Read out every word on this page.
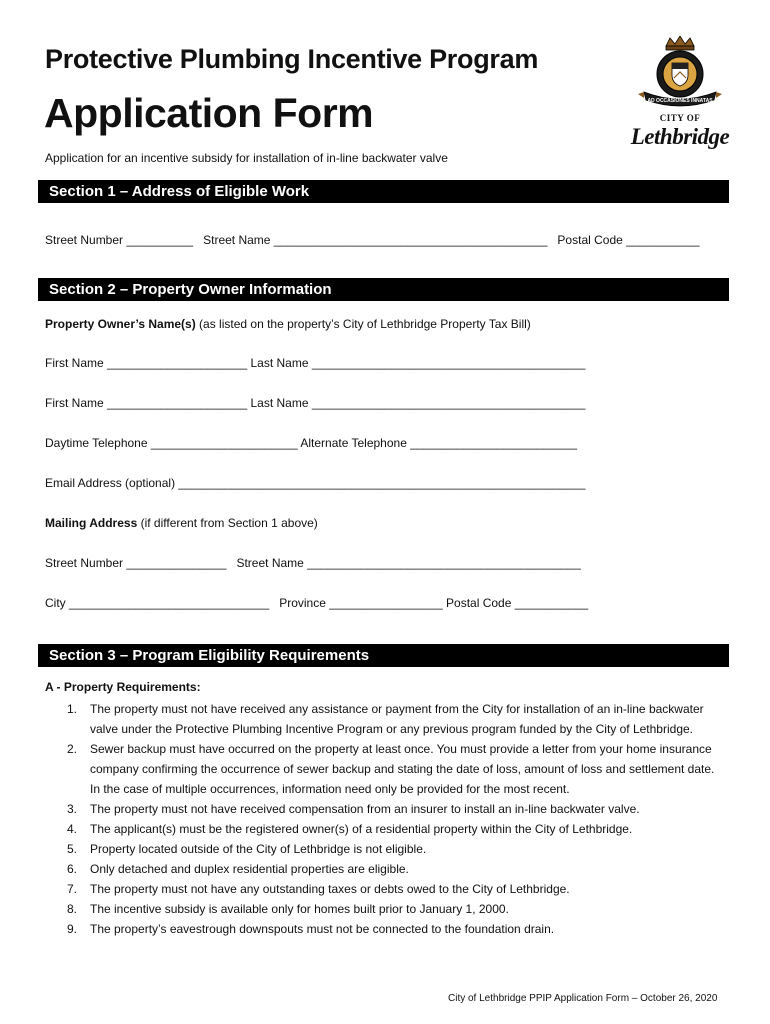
Protective Plumbing Incentive Program
Application Form
Application for an incentive subsidy for installation of in-line backwater valve
AD OCCASIONES INNATAS
CITY OF
Lethbridge
Section 1 – Address of Eligible Work
Street Number __________   Street Name _________________________________________   Postal Code ___________
Section 2 – Property Owner Information
Property Owner’s Name(s) (as listed on the property’s City of Lethbridge Property Tax Bill)
First Name _____________________ Last Name _________________________________________
First Name _____________________ Last Name _________________________________________
Daytime Telephone ______________________ Alternate Telephone _________________________
Email Address (optional) _____________________________________________________________
Mailing Address (if different from Section 1 above)
Street Number _______________   Street Name _________________________________________
City ______________________________   Province _________________ Postal Code ___________
Section 3 – Program Eligibility Requirements
A - Property Requirements:
1. The property must not have received any assistance or payment from the City for installation of an in-line backwater valve under the Protective Plumbing Incentive Program or any previous program funded by the City of Lethbridge.
2. Sewer backup must have occurred on the property at least once. You must provide a letter from your home insurance company confirming the occurrence of sewer backup and stating the date of loss, amount of loss and settlement date. In the case of multiple occurrences, information need only be provided for the most recent.
3. The property must not have received compensation from an insurer to install an in-line backwater valve.
4. The applicant(s) must be the registered owner(s) of a residential property within the City of Lethbridge.
5. Property located outside of the City of Lethbridge is not eligible.
6. Only detached and duplex residential properties are eligible.
7. The property must not have any outstanding taxes or debts owed to the City of Lethbridge.
8. The incentive subsidy is available only for homes built prior to January 1, 2000.
9. The property’s eavestrough downspouts must not be connected to the foundation drain.
City of Lethbridge PPIP Application Form – October 26, 2020
